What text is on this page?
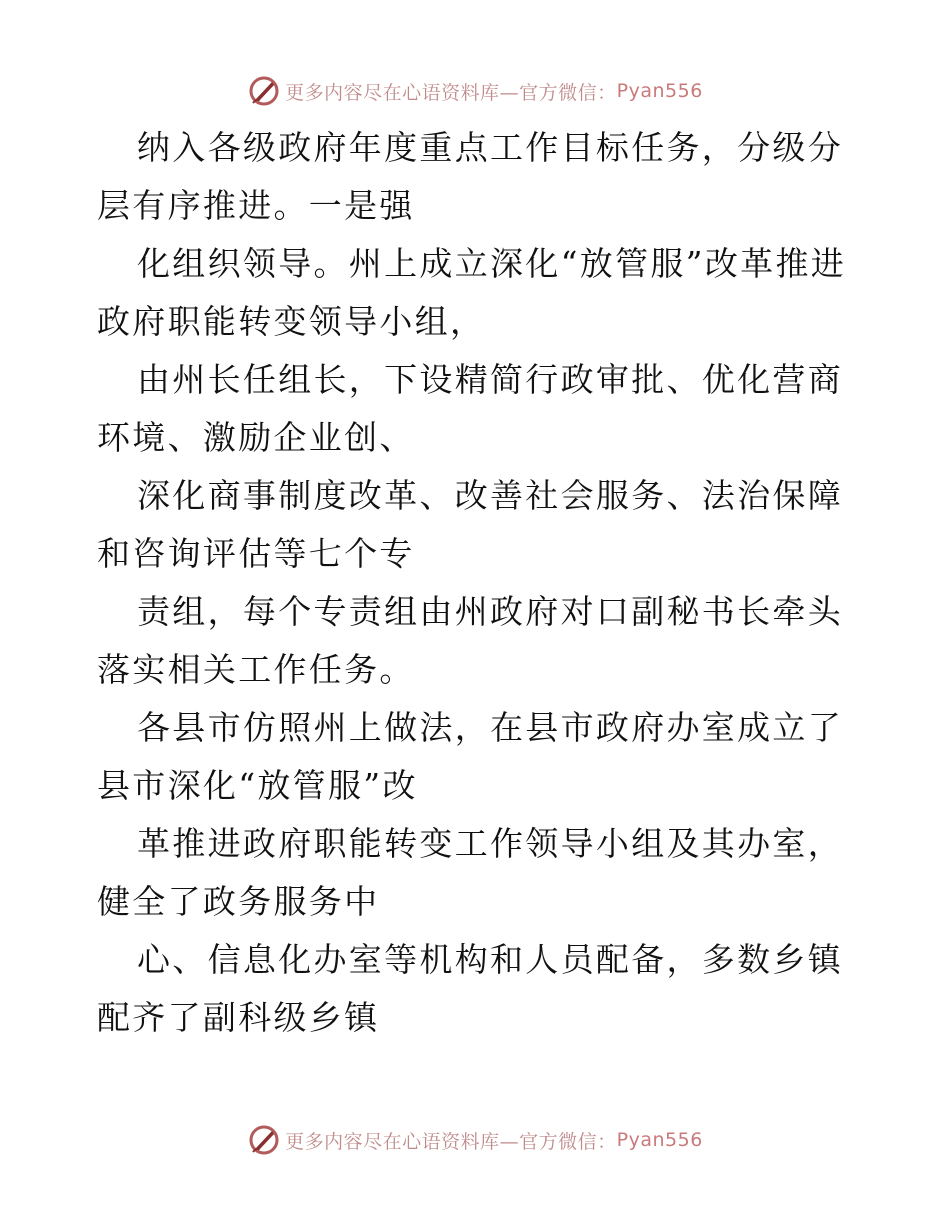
更多内容尽在心语资料库—官方微信： Pyan556

纳入各级政府年度重点工作目标任务，分级分层有序推进。一是强

化组织领导。州上成立深化“放管服”改革推进政府职能转变领导小组，

由州长任组长，下设精简行政审批、优化营商环境、激励企业创、

深化商事制度改革、改善社会服务、法治保障和咨询评估等七个专

责组，每个专责组由州政府对口副秘书长牵头落实相关工作任务。

各县市仿照州上做法，在县市政府办室成立了县市深化“放管服”改

革推进政府职能转变工作领导小组及其办室，健全了政务服务中

心、信息化办室等机构和人员配备，多数乡镇配齐了副科级乡镇

更多内容尽在心语资料库—官方微信： Pyan556
